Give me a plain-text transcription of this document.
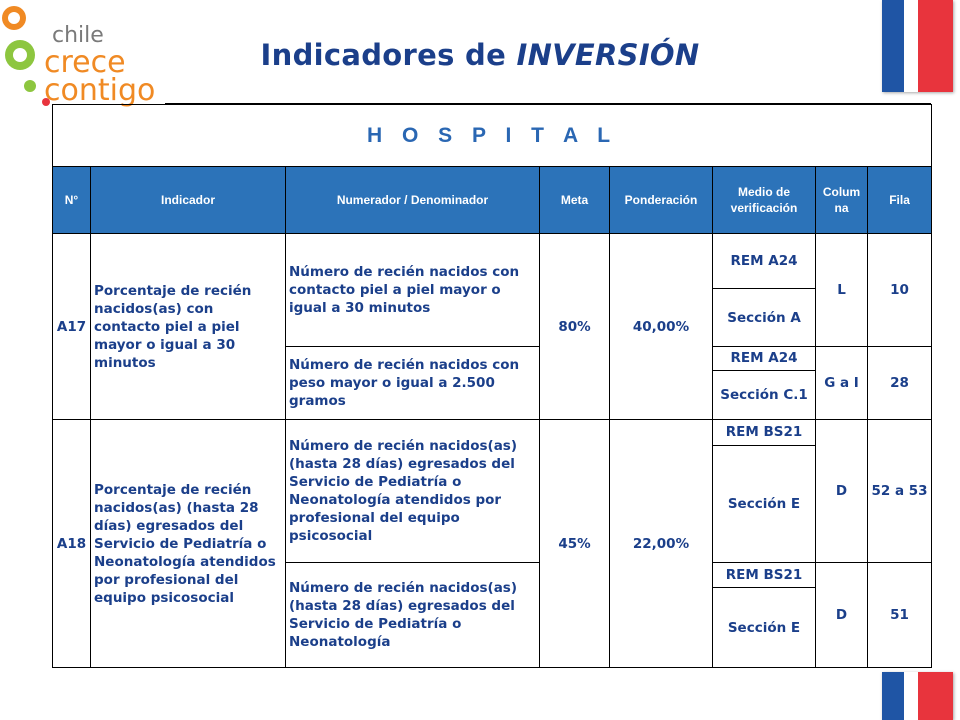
chile
crece
contigo
Indicadores de INVERSIÓN
H O S P I T A L							
N°	Indicador	Numerador / Denominador	Meta	Ponderación	Medio de verificación	Colum na	Fila
A17	Porcentaje de recién nacidos(as) con contacto piel a piel mayor o igual a 30 minutos	Número de recién nacidos con contacto piel a piel mayor o igual a 30 minutos	80%	40,00%	REM A24	L	10
					Sección A		
		Número de recién nacidos con peso mayor o igual a 2.500 gramos			REM A24	G a I	28
					Sección C.1		
A18	Porcentaje de recién nacidos(as) (hasta 28 días) egresados del Servicio de Pediatría o Neonatología atendidos por profesional del equipo psicosocial	Número de recién nacidos(as) (hasta 28 días) egresados del Servicio de Pediatría o Neonatología atendidos por profesional del equipo psicosocial	45%	22,00%	REM BS21	D	52 a 53
					Sección E		
		Número de recién nacidos(as) (hasta 28 días) egresados del Servicio de Pediatría o Neonatología			REM BS21	D	51
					Sección E		
